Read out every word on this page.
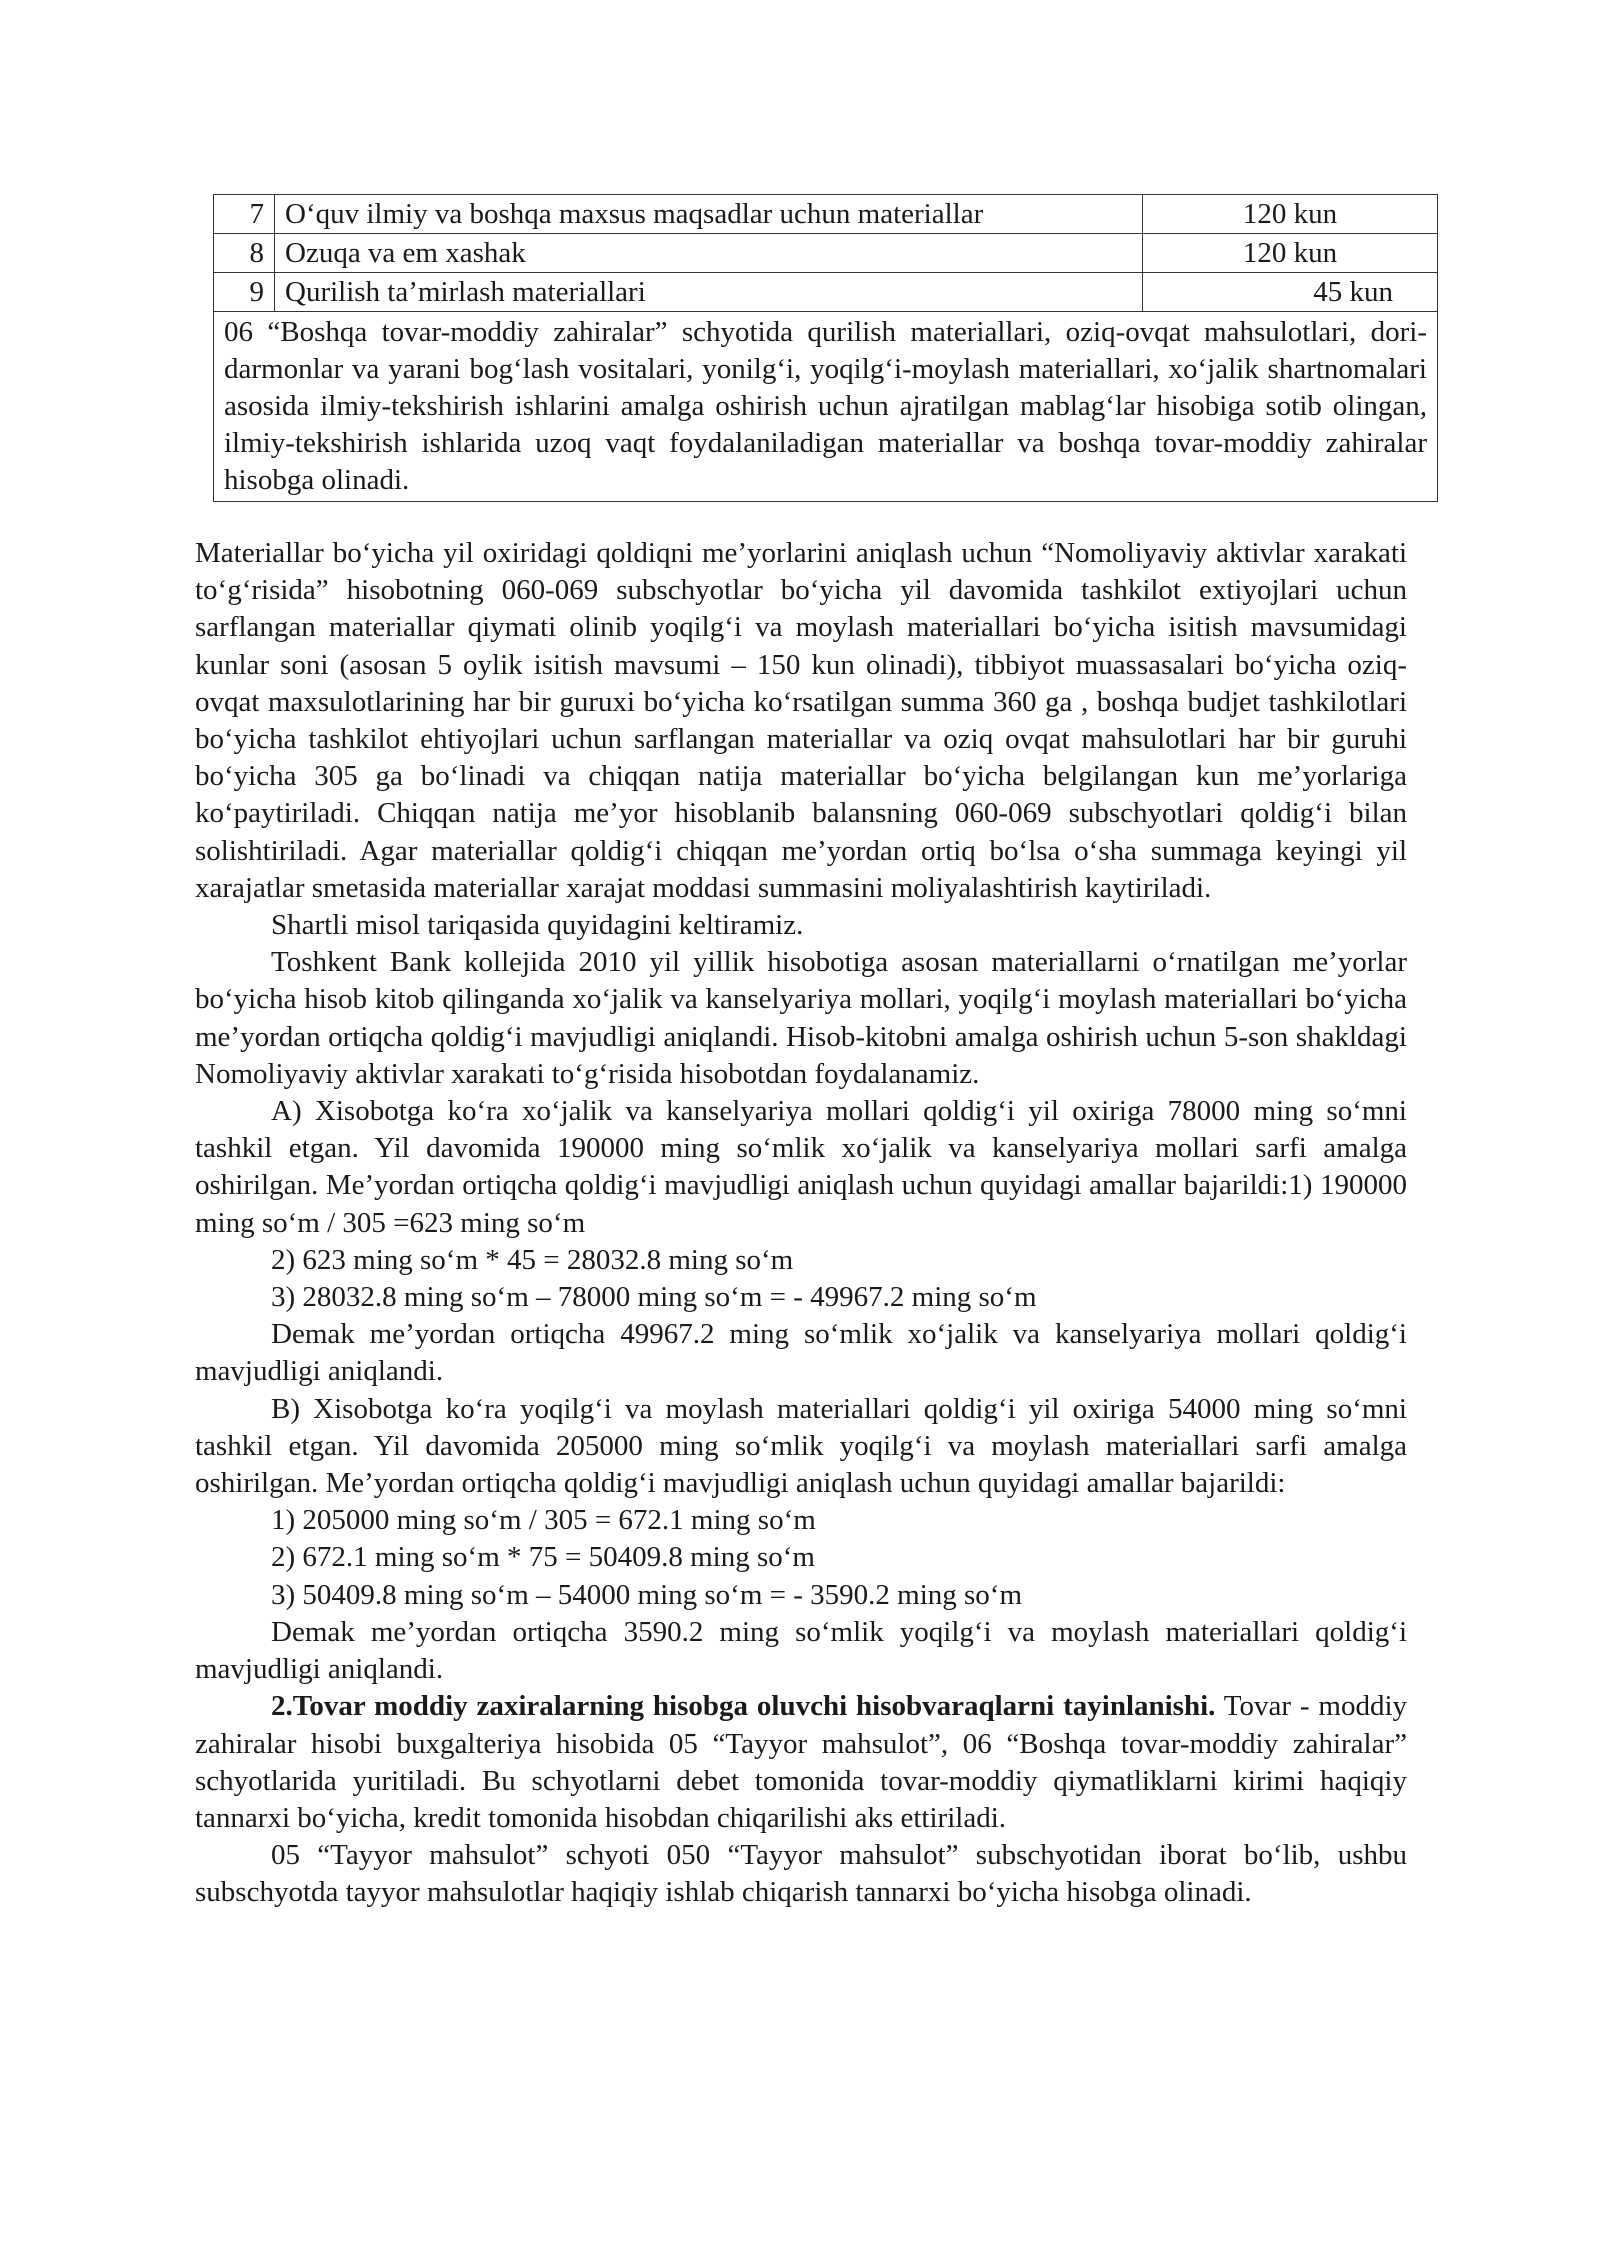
7	O‘quv ilmiy va boshqa maxsus maqsadlar uchun materiallar	120 kun
8	Ozuqa va em xashak	120 kun
9	Qurilish ta’mirlash materiallari	45 kun
06 “Boshqa tovar-moddiy zahiralar” schyotida qurilish materiallari, oziq-ovqat mahsulotlari, dori-darmonlar va yarani bog‘lash vositalari, yonilg‘i, yoqilg‘i-moylash materiallari, xo‘jalik shartnomalari asosida ilmiy-tekshirish ishlarini amalga oshirish uchun ajratilgan mablag‘lar hisobiga sotib olingan, ilmiy-tekshirish ishlarida uzoq vaqt foydalaniladigan materiallar va boshqa tovar-moddiy zahiralar hisobga olinadi.		

Materiallar bo‘yicha yil oxiridagi qoldiqni me’yorlarini aniqlash uchun “Nomoliyaviy aktivlar xarakati to‘g‘risida” hisobotning 060-069 subschyotlar bo‘yicha yil davomida tashkilot extiyojlari uchun sarflangan materiallar qiymati olinib yoqilg‘i va moylash materiallari bo‘yicha isitish mavsumidagi kunlar soni (asosan 5 oylik isitish mavsumi – 150 kun olinadi), tibbiyot muassasalari bo‘yicha oziq-ovqat maxsulotlarining har bir guruxi bo‘yicha ko‘rsatilgan summa 360 ga , boshqa budjet tashkilotlari bo‘yicha tashkilot ehtiyojlari uchun sarflangan materiallar va oziq ovqat mahsulotlari har bir guruhi bo‘yicha 305 ga bo‘linadi va chiqqan natija materiallar bo‘yicha belgilangan kun me’yorlariga ko‘paytiriladi. Chiqqan natija me’yor hisoblanib balansning 060-069 subschyotlari qoldig‘i bilan solishtiriladi. Agar materiallar qoldig‘i chiqqan me’yordan ortiq bo‘lsa o‘sha summaga keyingi yil xarajatlar smetasida materiallar xarajat moddasi summasini moliyalashtirish kaytiriladi.

Shartli misol tariqasida quyidagini keltiramiz.

Toshkent Bank kollejida 2010 yil yillik hisobotiga asosan materiallarni o‘rnatilgan me’yorlar bo‘yicha hisob kitob qilinganda xo‘jalik va kanselyariya mollari, yoqilg‘i moylash materiallari bo‘yicha me’yordan ortiqcha qoldig‘i mavjudligi aniqlandi. Hisob-kitobni amalga oshirish uchun 5-son shakldagi Nomoliyaviy aktivlar xarakati to‘g‘risida hisobotdan foydalanamiz.

A) Xisobotga ko‘ra xo‘jalik va kanselyariya mollari qoldig‘i yil oxiriga 78000 ming so‘mni tashkil etgan. Yil davomida 190000 ming so‘mlik xo‘jalik va kanselyariya mollari sarfi amalga oshirilgan. Me’yordan ortiqcha qoldig‘i mavjudligi aniqlash uchun quyidagi amallar bajarildi:1) 190000 ming so‘m / 305 =623 ming so‘m

2) 623 ming so‘m * 45 = 28032.8 ming so‘m

3) 28032.8 ming so‘m – 78000 ming so‘m = - 49967.2 ming so‘m

Demak me’yordan ortiqcha 49967.2 ming so‘mlik xo‘jalik va kanselyariya mollari qoldig‘i mavjudligi aniqlandi.

B) Xisobotga ko‘ra yoqilg‘i va moylash materiallari qoldig‘i yil oxiriga 54000 ming so‘mni tashkil etgan. Yil davomida 205000 ming so‘mlik yoqilg‘i va moylash materiallari sarfi amalga oshirilgan. Me’yordan ortiqcha qoldig‘i mavjudligi aniqlash uchun quyidagi amallar bajarildi:

1) 205000 ming so‘m / 305 = 672.1 ming so‘m

2) 672.1 ming so‘m * 75 = 50409.8 ming so‘m

3) 50409.8 ming so‘m – 54000 ming so‘m = - 3590.2 ming so‘m

Demak me’yordan ortiqcha 3590.2 ming so‘mlik yoqilg‘i va moylash materiallari qoldig‘i mavjudligi aniqlandi.

2.Tovar moddiy zaxiralarning hisobga oluvchi hisobvaraqlarni tayinlanishi. Tovar - moddiy zahiralar hisobi buxgalteriya hisobida 05 “Tayyor mahsulot”, 06 “Boshqa tovar-moddiy zahiralar” schyotlarida yuritiladi. Bu schyotlarni debet tomonida tovar-moddiy qiymatliklarni kirimi haqiqiy tannarxi bo‘yicha, kredit tomonida hisobdan chiqarilishi aks ettiriladi.

05 “Tayyor mahsulot” schyoti 050 “Tayyor mahsulot” subschyotidan iborat bo‘lib, ushbu subschyotda tayyor mahsulotlar haqiqiy ishlab chiqarish tannarxi bo‘yicha hisobga olinadi.
